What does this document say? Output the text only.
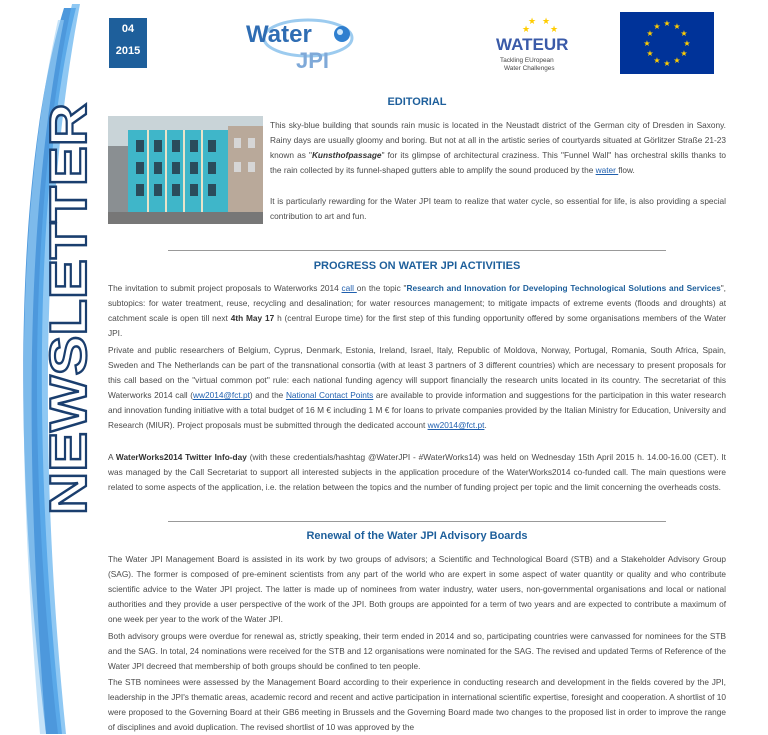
NEWSLETTER
04
2015
Water
JPI
★ ★
★ ★
WATEUR
Tackling EUropean
Water Challenges
★ ★
★
★
★
★
★
★
★
★
★
★
EDITORIAL

This sky-blue building that sounds rain music is located in the Neustadt district of the German city of Dresden in Saxony. Rainy days are usually gloomy and boring. But not at all in the artistic series of courtyards situated at Görlitzer Straße 21-23 known as "Kunsthofpassage" for its glimpse of architectural craziness. This "Funnel Wall" has orchestral skills thanks to the rain collected by its funnel-shaped gutters able to amplify the sound produced by the water flow.

It is particularly rewarding for the Water JPI team to realize that water cycle, so essential for life, is also providing a special contribution to art and fun.

PROGRESS ON WATER JPI ACTIVITIES

The invitation to submit project proposals to Waterworks 2014 call on the topic "Research and Innovation for Developing Technological Solutions and Services", subtopics: for water treatment, reuse, recycling and desalination; for water resources management; to mitigate impacts of extreme events (floods and droughts) at catchment scale is open till next 4th May 17 h (central Europe time) for the first step of this funding opportunity offered by some organisations members of the Water JPI.

Private and public researchers of Belgium, Cyprus, Denmark, Estonia, Ireland, Israel, Italy, Republic of Moldova, Norway, Portugal, Romania, South Africa, Spain, Sweden and The Netherlands can be part of the transnational consortia (with at least 3 partners of 3 different countries) which are necessary to present proposals for this call based on the "virtual common pot" rule: each national funding agency will support financially the research units located in its country. The secretariat of this Waterworks 2014 call (ww2014@fct.pt) and the National Contact Points are available to provide information and suggestions for the participation in this water research and innovation funding initiative with a total budget of 16 M € including 1 M € for loans to private companies provided by the Italian Ministry for Education, University and Research (MIUR). Project proposals must be submitted through the dedicated account ww2014@fct.pt.

A WaterWorks2014 Twitter Info-day (with these credentials/hashtag @WaterJPI - #WaterWorks14) was held on Wednesday 15th April 2015 h. 14.00-16.00 (CET). It was managed by the Call Secretariat to support all interested subjects in the application procedure of the WaterWorks2014 co-funded call. The main questions were related to some aspects of the application, i.e. the relation between the topics and the number of funding project per topic and the limit concerning the overheads costs.

Renewal of the Water JPI Advisory Boards

The Water JPI Management Board is assisted in its work by two groups of advisors; a Scientific and Technological Board (STB) and a Stakeholder Advisory Group (SAG). The former is composed of pre-eminent scientists from any part of the world who are expert in some aspect of water quantity or quality and who contribute scientific advice to the Water JPI project. The latter is made up of nominees from water industry, water users, non-governmental organisations and local or national authorities and they provide a user perspective of the work of the JPI. Both groups are appointed for a term of two years and are expected to contribute a maximum of one week per year to the work of the Water JPI.

Both advisory groups were overdue for renewal as, strictly speaking, their term ended in 2014 and so, participating countries were canvassed for nominees for the STB and the SAG. In total, 24 nominations were received for the STB and 12 organisations were nominated for the SAG. The revised and updated Terms of Reference of the Water JPI decreed that membership of both groups should be confined to ten people.

The STB nominees were assessed by the Management Board according to their experience in conducting research and development in the fields covered by the JPI, leadership in the JPI's thematic areas, academic record and recent and active participation in international scientific expertise, foresight and cooperation. A shortlist of 10 were proposed to the Governing Board at their GB6 meeting in Brussels and the Governing Board made two changes to the proposed list in order to improve the range of disciplines and avoid duplication. The revised shortlist of 10 was approved by the
